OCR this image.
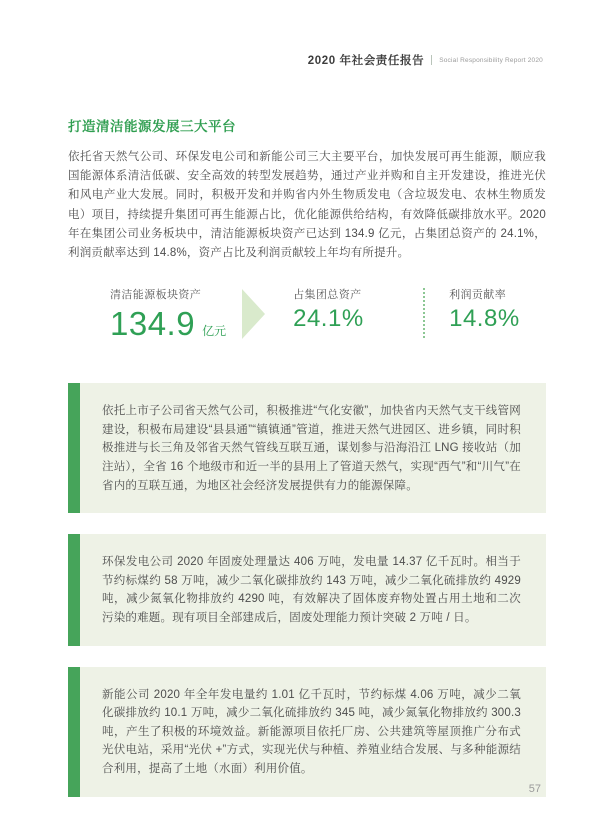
2020 年社会责任报告 Social Responsibility Report 2020
打造清洁能源发展三大平台

依托省天然气公司、环保发电公司和新能公司三大主要平台，加快发展可再生能源，顺应我国能源体系清洁低碳、安全高效的转型发展趋势，通过产业并购和自主开发建设，推进光伏和风电产业大发展。同时，积极开发和并购省内外生物质发电（含垃圾发电、农林生物质发电）项目，持续提升集团可再生能源占比，优化能源供给结构，有效降低碳排放水平。2020 年在集团公司业务板块中，清洁能源板块资产已达到 134.9 亿元，占集团总资产的 24.1%，利润贡献率达到 14.8%，资产占比及利润贡献较上年均有所提升。

清洁能源板块资产
134.9 亿元
占集团总资产
24.1%
利润贡献率
14.8%

依托上市子公司省天然气公司，积极推进“气化安徽”，加快省内天然气支干线管网建设，积极布局建设“县县通”“镇镇通”管道，推进天然气进园区、进乡镇，同时积极推进与长三角及邻省天然气管线互联互通，谋划参与沿海沿江 LNG 接收站（加注站），全省 16 个地级市和近一半的县用上了管道天然气，实现“西气”和“川气”在省内的互联互通，为地区社会经济发展提供有力的能源保障。

环保发电公司 2020 年固废处理量达 406 万吨，发电量 14.37 亿千瓦时。相当于节约标煤约 58 万吨，减少二氧化碳排放约 143 万吨，减少二氧化硫排放约 4929 吨，减少氮氧化物排放约 4290 吨，有效解决了固体废弃物处置占用土地和二次污染的难题。现有项目全部建成后，固废处理能力预计突破 2 万吨 / 日。

新能公司 2020 年全年发电量约 1.01 亿千瓦时，节约标煤 4.06 万吨，减少二氧化碳排放约 10.1 万吨，减少二氧化硫排放约 345 吨，减少氮氧化物排放约 300.3 吨，产生了积极的环境效益。新能源项目依托厂房、公共建筑等屋顶推广分布式光伏电站，采用“光伏 +”方式，实现光伏与种植、养殖业结合发展、与多种能源结合利用，提高了土地（水面）利用价值。

57
